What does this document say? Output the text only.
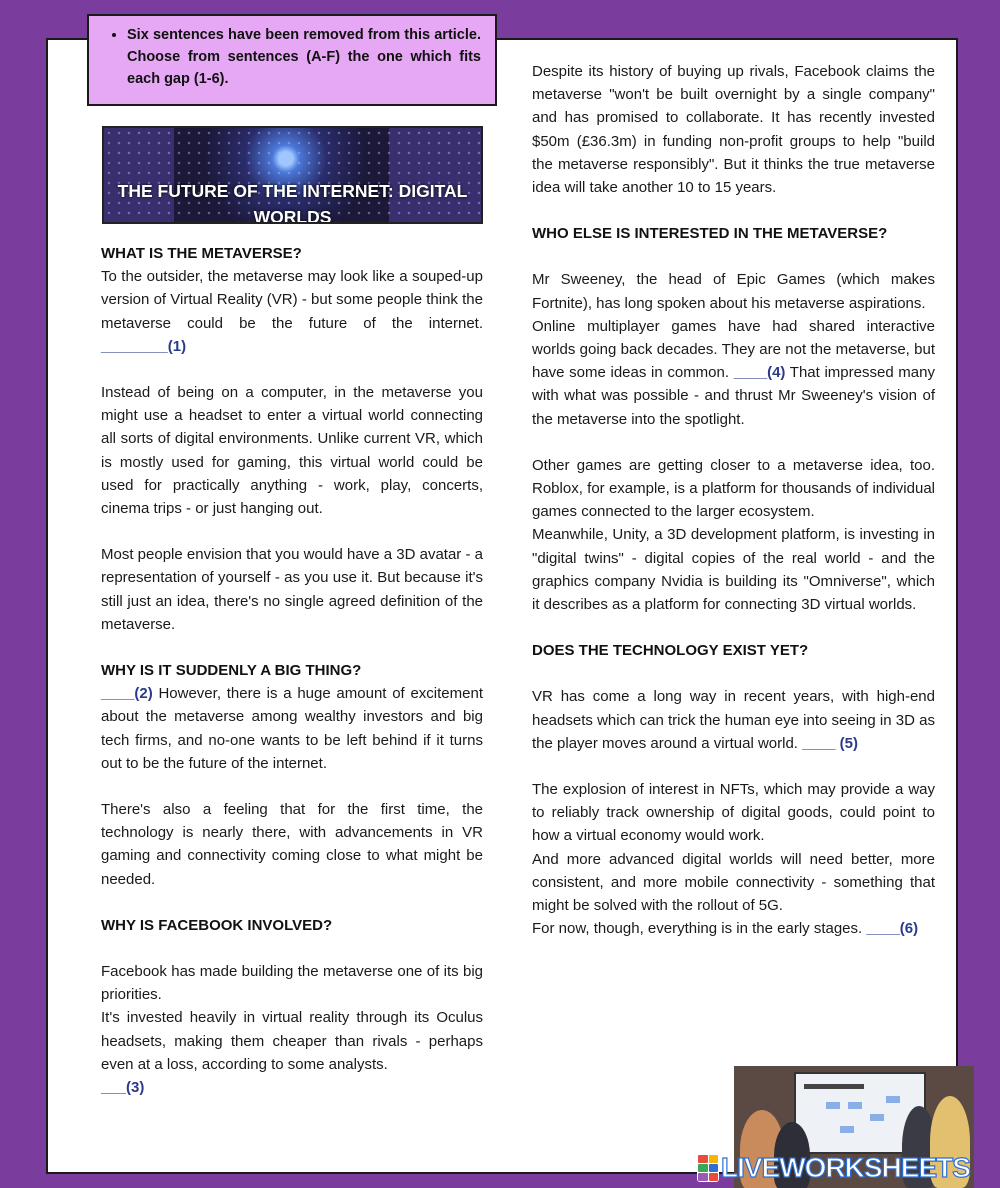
• Six sentences have been removed from this article. Choose from sentences (A-F) the one which fits each gap (1-6).
THE FUTURE OF THE INTERNET: DIGITAL WORLDS
WHAT IS THE METAVERSE?

To the outsider, the metaverse may look like a souped-up version of Virtual Reality (VR) - but some people think the metaverse could be the future of the internet. ________(1)

Instead of being on a computer, in the metaverse you might use a headset to enter a virtual world connecting all sorts of digital environments. Unlike current VR, which is mostly used for gaming, this virtual world could be used for practically anything - work, play, concerts, cinema trips - or just hanging out.

Most people envision that you would have a 3D avatar - a representation of yourself - as you use it. But because it's still just an idea, there's no single agreed definition of the metaverse.

WHY IS IT SUDDENLY A BIG THING?

____(2) However, there is a huge amount of excitement about the metaverse among wealthy investors and big tech firms, and no-one wants to be left behind if it turns out to be the future of the internet.

There's also a feeling that for the first time, the technology is nearly there, with advancements in VR gaming and connectivity coming close to what might be needed.

WHY IS FACEBOOK INVOLVED?

Facebook has made building the metaverse one of its big priorities.

It's invested heavily in virtual reality through its Oculus headsets, making them cheaper than rivals - perhaps even at a loss, according to some analysts.
___(3)

Despite its history of buying up rivals, Facebook claims the metaverse "won't be built overnight by a single company" and has promised to collaborate. It has recently invested $50m (£36.3m) in funding non-profit groups to help "build the metaverse responsibly". But it thinks the true metaverse idea will take another 10 to 15 years.

WHO ELSE IS INTERESTED IN THE METAVERSE?

Mr Sweeney, the head of Epic Games (which makes Fortnite), has long spoken about his metaverse aspirations.

Online multiplayer games have had shared interactive worlds going back decades. They are not the metaverse, but have some ideas in common. ____(4) That impressed many with what was possible - and thrust Mr Sweeney's vision of the metaverse into the spotlight.

Other games are getting closer to a metaverse idea, too. Roblox, for example, is a platform for thousands of individual games connected to the larger ecosystem.

Meanwhile, Unity, a 3D development platform, is investing in "digital twins" - digital copies of the real world - and the graphics company Nvidia is building its "Omniverse", which it describes as a platform for connecting 3D virtual worlds.

DOES THE TECHNOLOGY EXIST YET?

VR has come a long way in recent years, with high-end headsets which can trick the human eye into seeing in 3D as the player moves around a virtual world. ____ (5)

The explosion of interest in NFTs, which may provide a way to reliably track ownership of digital goods, could point to how a virtual economy would work.

And more advanced digital worlds will need better, more consistent, and more mobile connectivity - something that might be solved with the rollout of 5G.

For now, though, everything is in the early stages. ____(6)

LIVEWORKSHEETS
